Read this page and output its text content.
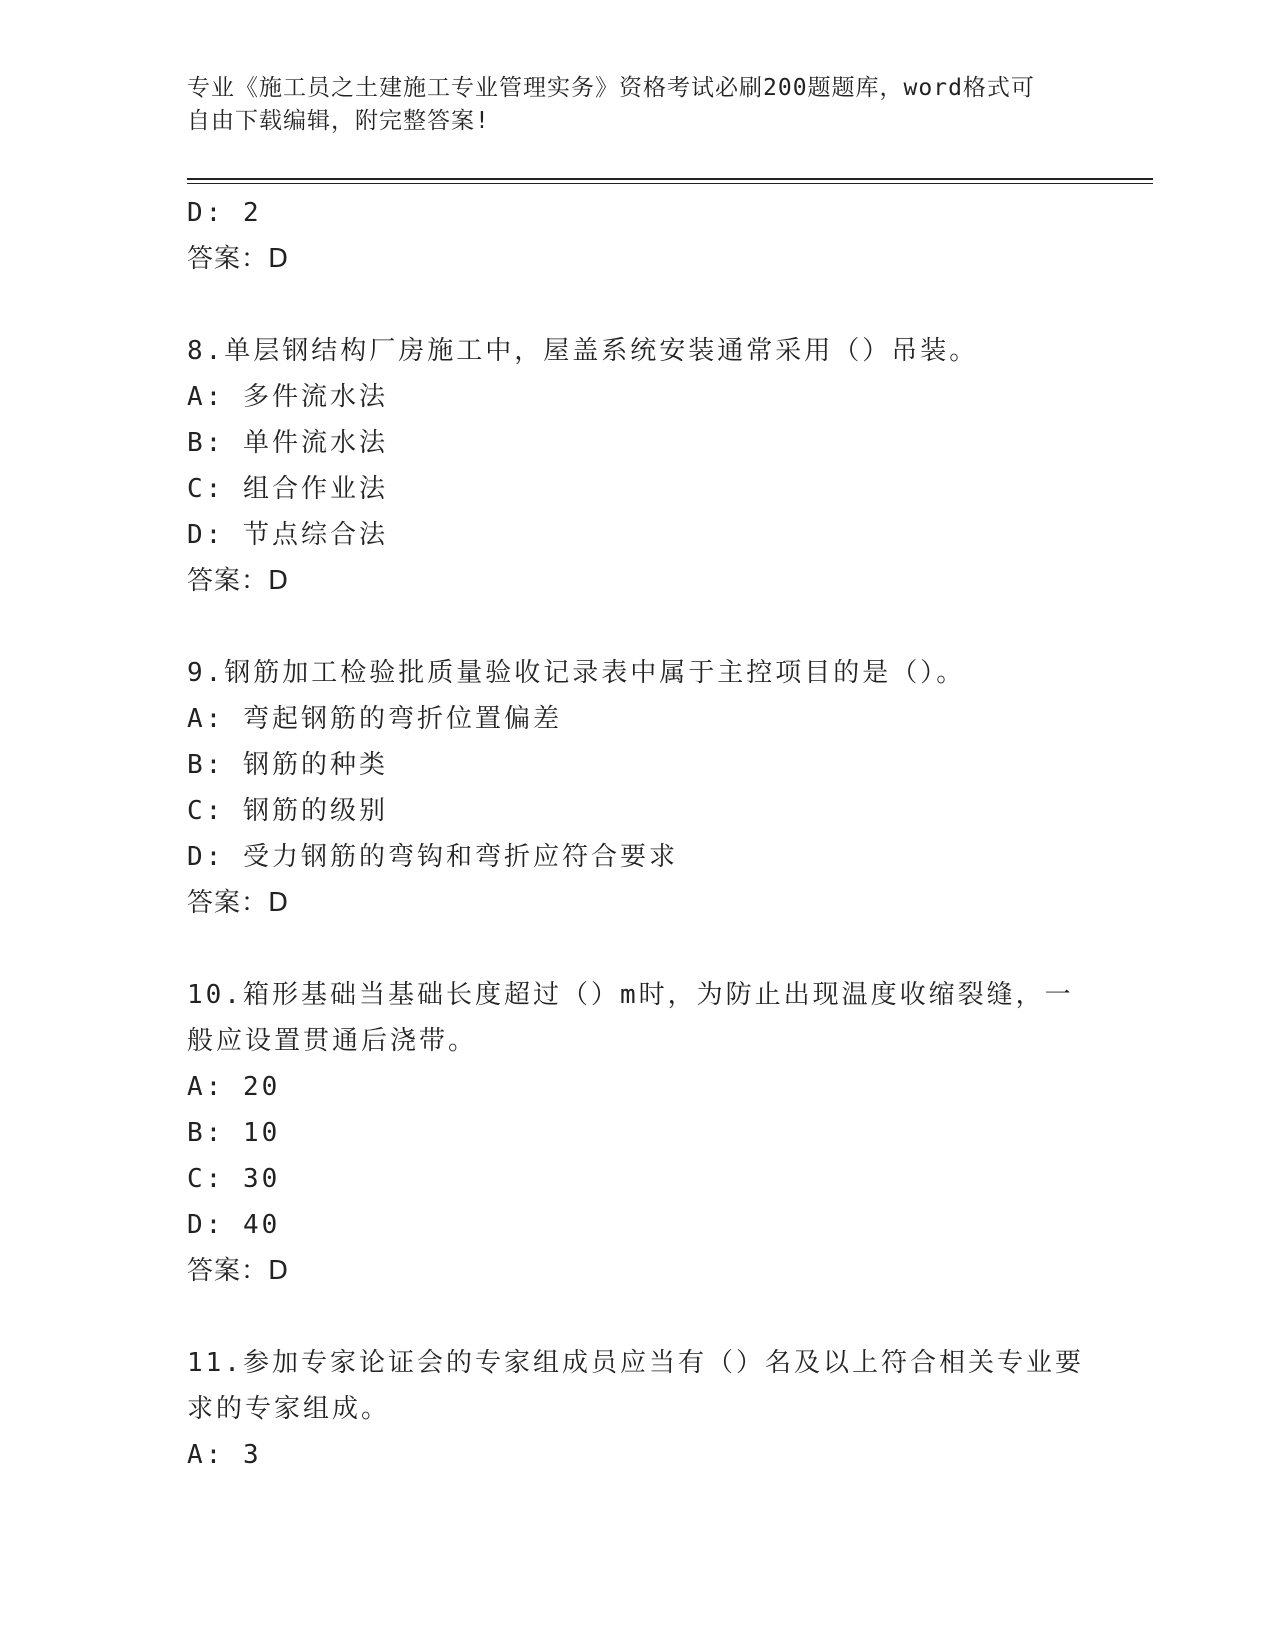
专业《施工员之土建施工专业管理实务》资格考试必刷200题题库，word格式可
自由下载编辑，附完整答案!
D: 2
答案：D
8.单层钢结构厂房施工中，屋盖系统安装通常采用（）吊装。
A: 多件流水法
B: 单件流水法
C: 组合作业法
D: 节点综合法
答案：D
9.钢筋加工检验批质量验收记录表中属于主控项目的是（）。
A: 弯起钢筋的弯折位置偏差
B: 钢筋的种类
C: 钢筋的级别
D: 受力钢筋的弯钩和弯折应符合要求
答案：D
10.箱形基础当基础长度超过（）m时，为防止出现温度收缩裂缝，一
般应设置贯通后浇带。
A: 20
B: 10
C: 30
D: 40
答案：D
11.参加专家论证会的专家组成员应当有（）名及以上符合相关专业要
求的专家组成。
A: 3
